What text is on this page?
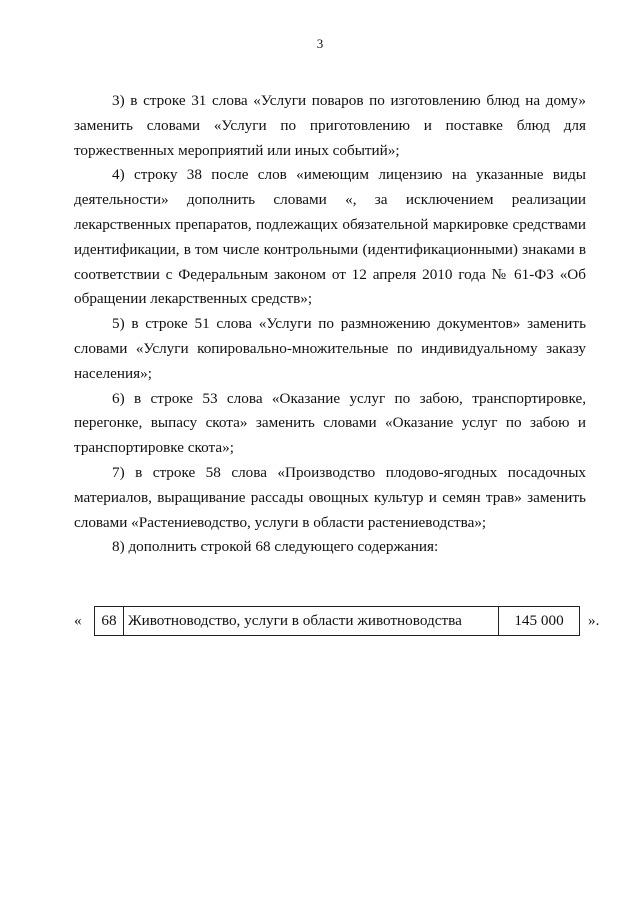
3

3) в строке 31 слова «Услуги поваров по изготовлению блюд на дому» заменить словами «Услуги по приготовлению и поставке блюд для торжественных мероприятий или иных событий»;

4) строку 38 после слов «имеющим лицензию на указанные виды деятельности» дополнить словами «, за исключением реализации лекарственных препаратов, подлежащих обязательной маркировке средствами идентификации, в том числе контрольными (идентификационными) знаками в соответствии с Федеральным законом от 12 апреля 2010 года № 61-ФЗ «Об обращении лекарственных средств»;

5) в строке 51 слова «Услуги по размножению документов» заменить словами «Услуги копировально-множительные по индивидуальному заказу населения»;

6) в строке 53 слова «Оказание услуг по забою, транспортировке, перегонке, выпасу скота» заменить словами «Оказание услуг по забою и транспортировке скота»;

7) в строке 58 слова «Производство плодово-ягодных посадочных материалов, выращивание рассады овощных культур и семян трав» заменить словами «Растениеводство, услуги в области растениеводства»;

8) дополнить строкой 68 следующего содержания:

« 68	Животноводство, услуги в области животноводства	145 000 ».
